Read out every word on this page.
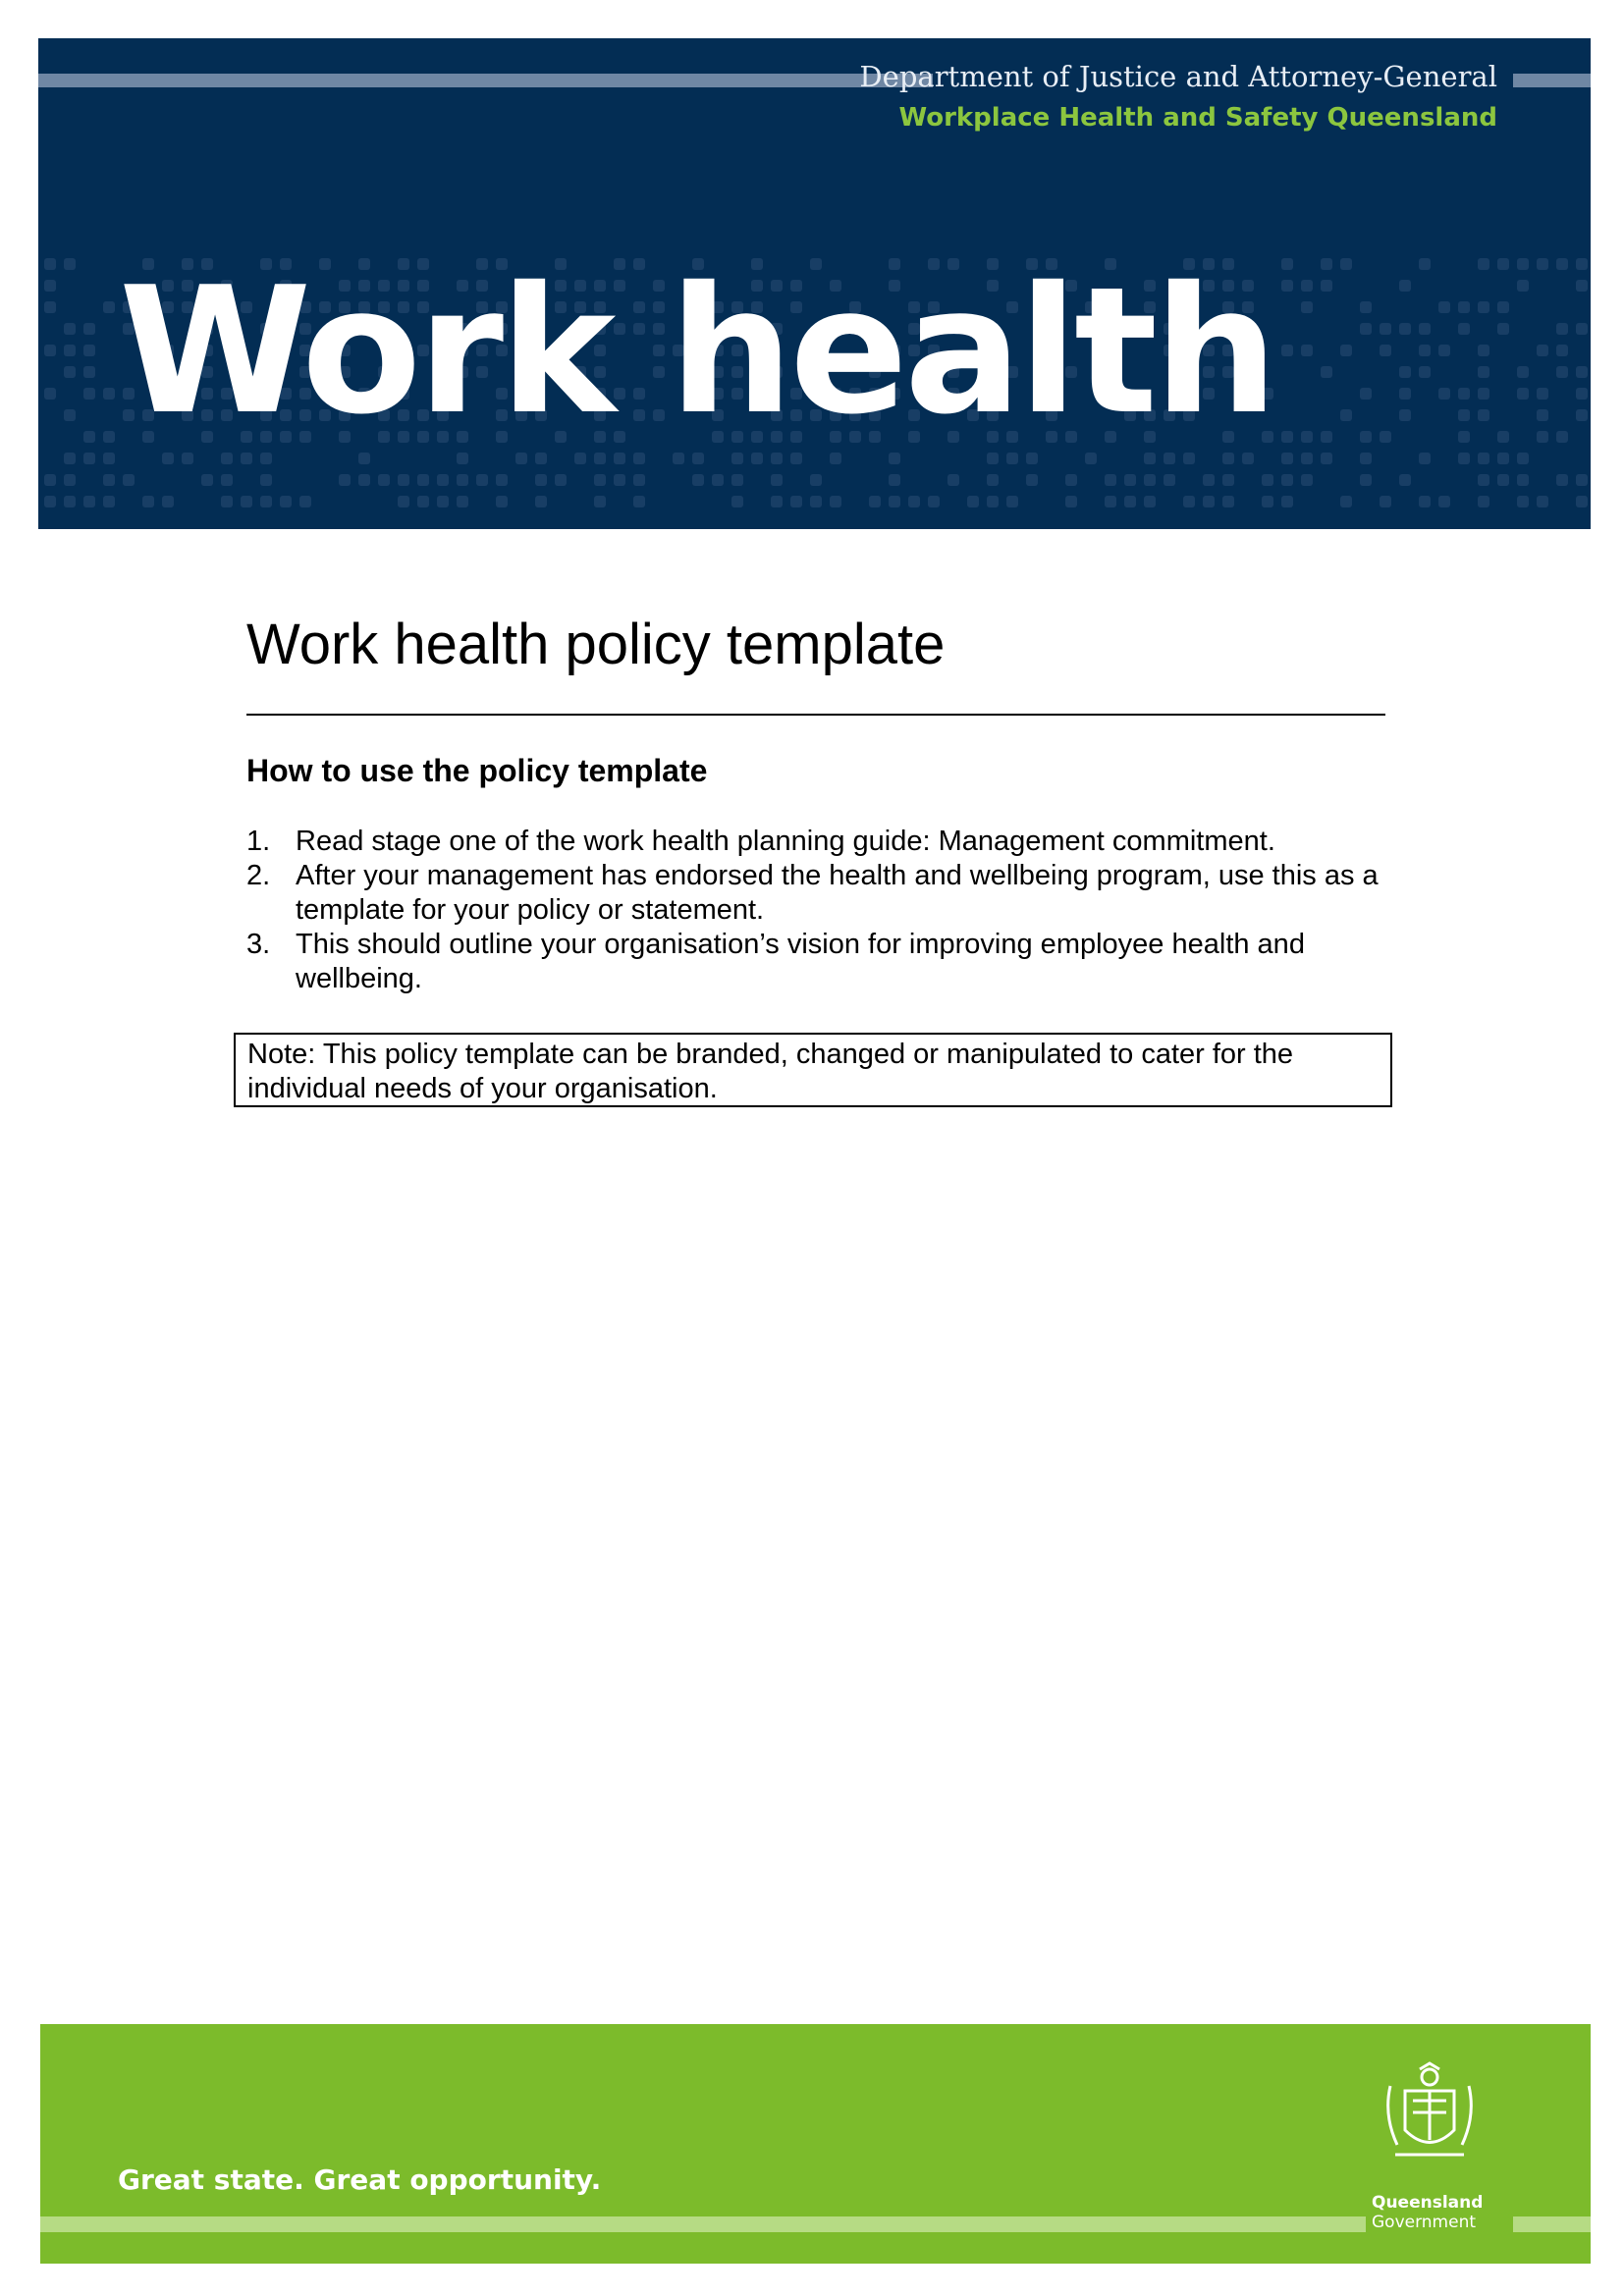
Department of Justice and Attorney-General
Workplace Health and Safety Queensland
Work health
Work health policy template
How to use the policy template
1. Read stage one of the work health planning guide: Management commitment.
2. After your management has endorsed the health and wellbeing program, use this as a template for your policy or statement.
3. This should outline your organisation’s vision for improving employee health and wellbeing.
Note: This policy template can be branded, changed or manipulated to cater for the individual needs of your organisation.
Great state. Great opportunity.
Queensland
Government
